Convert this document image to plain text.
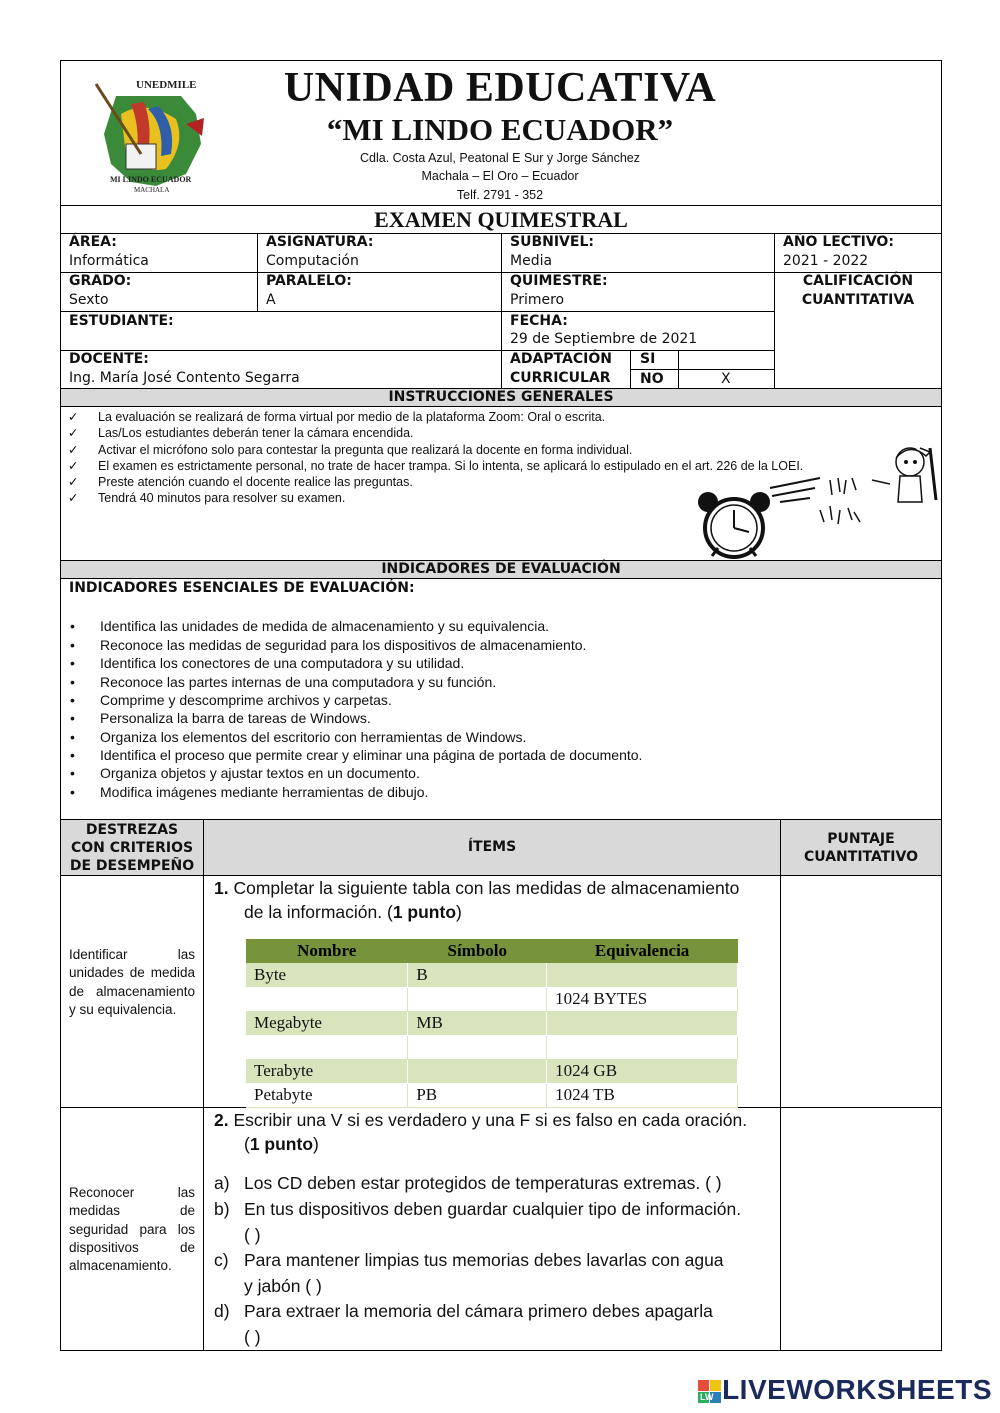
UNEDMILE
MI LINDO ECUADOR
MACHALA
UNIDAD EDUCATIVA
“MI LINDO ECUADOR”
Cdla. Costa Azul, Peatonal E Sur y Jorge Sánchez
Machala – El Oro – Ecuador
Telf. 2791 - 352
EXAMEN QUIMESTRAL
ÁREA:
Informática
ASIGNATURA:
Computación
SUBNIVEL:
Media
AÑO LECTIVO:
2021 - 2022
GRADO:
Sexto
PARALELO:
A
QUIMESTRE:
Primero
CALIFICACIÓN
CUANTITATIVA
ESTUDIANTE:	FECHA:
29 de Septiembre de 2021
DOCENTE:
Ing. María José Contento Segarra
ADAPTACIÓN
CURRICULAR
SI
NO	X
INSTRUCCIONES GENERALES
✓ La evaluación se realizará de forma virtual por medio de la plataforma Zoom: Oral o escrita.
✓ Las/Los estudiantes deberán tener la cámara encendida.
✓ Activar el micrófono solo para contestar la pregunta que realizará la docente en forma individual.
✓ El examen es estrictamente personal, no trate de hacer trampa. Si lo intenta, se aplicará lo estipulado en el art. 226 de la LOEI.
✓ Preste atención cuando el docente realice las preguntas.
✓ Tendrá 40 minutos para resolver su examen.
INDICADORES DE EVALUACIÓN
INDICADORES ESENCIALES DE EVALUACIÓN:
• Identifica las unidades de medida de almacenamiento y su equivalencia.
• Reconoce las medidas de seguridad para los dispositivos de almacenamiento.
• Identifica los conectores de una computadora y su utilidad.
• Reconoce las partes internas de una computadora y su función.
• Comprime y descomprime archivos y carpetas.
• Personaliza la barra de tareas de Windows.
• Organiza los elementos del escritorio con herramientas de Windows.
• Identifica el proceso que permite crear y eliminar una página de portada de documento.
• Organiza objetos y ajustar textos en un documento.
• Modifica imágenes mediante herramientas de dibujo.
DESTREZAS
CON CRITERIOS
DE DESEMPEÑO
ÍTEMS	PUNTAJE
CUANTITATIVO
Identificar las unidades de medida de almacenamiento y su equivalencia.
1. Completar la siguiente tabla con las medidas de almacenamiento
de la información. (1 punto)
Nombre	Símbolo	Equivalencia
Byte	B	
		1024 BYTES
Megabyte	MB	

Terabyte		1024 GB
Petabyte	PB	1024 TB
Reconocer las medidas de seguridad para los dispositivos de almacenamiento.
2. Escribir una V si es verdadero y una F si es falso en cada oración.
(1 punto)
a) Los CD deben estar protegidos de temperaturas extremas. ( )
b) En tus dispositivos deben guardar cualquier tipo de información.
( )
c) Para mantener limpias tus memorias debes lavarlas con agua
y jabón ( )
d) Para extraer la memoria del cámara primero debes apagarla
( )
LW LIVEWORKSHEETS
